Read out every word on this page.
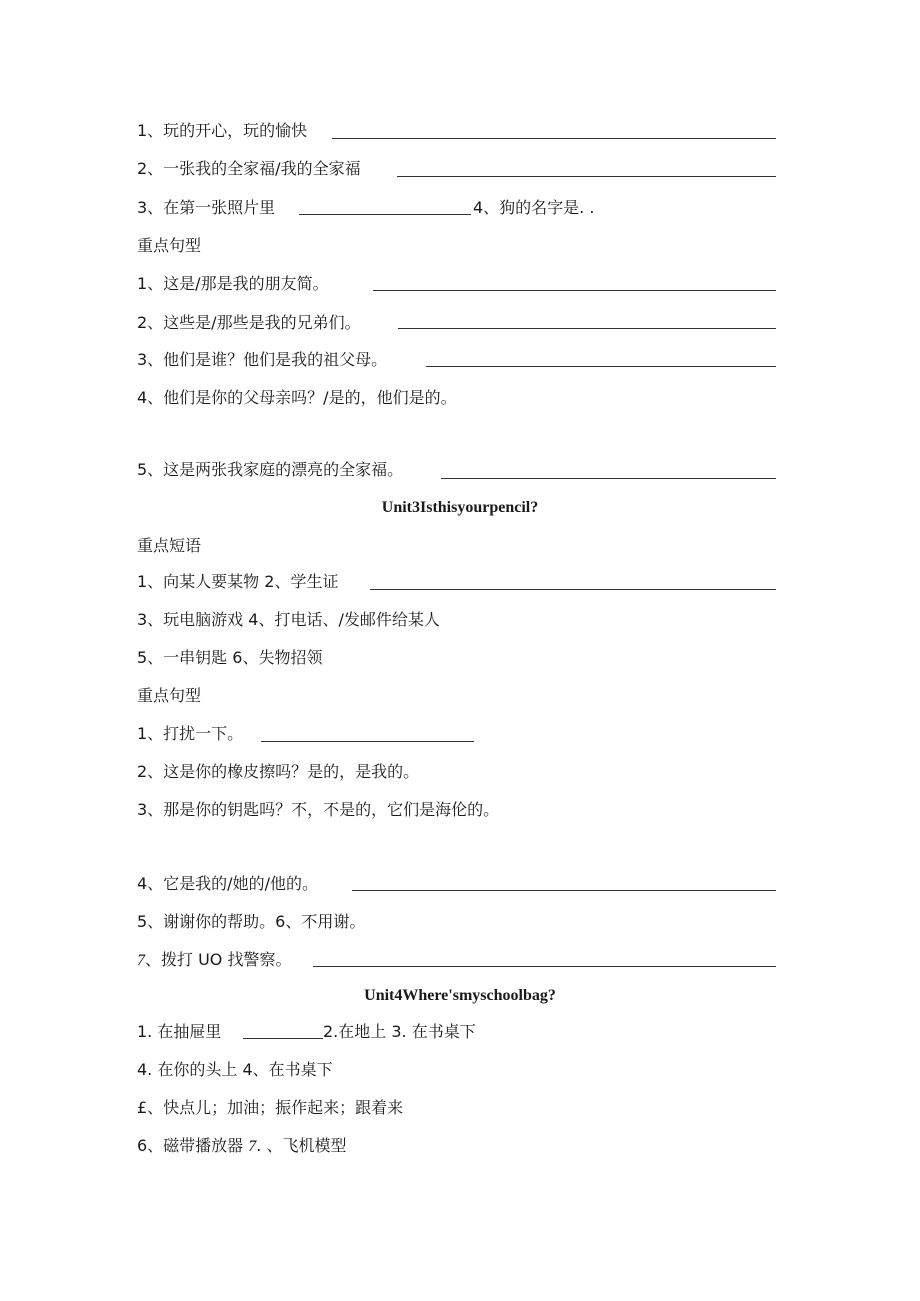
1、玩的开心，玩的愉快
2、一张我的全家福/我的全家福
3、在第一张照片里	4、狗的名字是. .
重点句型
1、这是/那是我的朋友简。
2、这些是/那些是我的兄弟们。
3、他们是谁？他们是我的祖父母。
4、他们是你的父母亲吗？/是的，他们是的。
5、这是两张我家庭的漂亮的全家福。
Unit3Isthisyourpencil?
重点短语
1、向某人要某物 2、学生证
3、玩电脑游戏 4、打电话、/发邮件给某人
5、一串钥匙 6、失物招领
重点句型
1、打扰一下。
2、这是你的橡皮擦吗？是的，是我的。
3、那是你的钥匙吗？不，不是的，它们是海伦的。
4、它是我的/她的/他的。
5、谢谢你的帮助。6、不用谢。
7、拨打 UO 找警察。
Unit4Where'smyschoolbag?
1. 在抽屉里	2.在地上 3. 在书桌下
4. 在你的头上 4、在书桌下
£、快点儿；加油；振作起来；跟着来
6、磁带播放器 7. 、飞机模型
